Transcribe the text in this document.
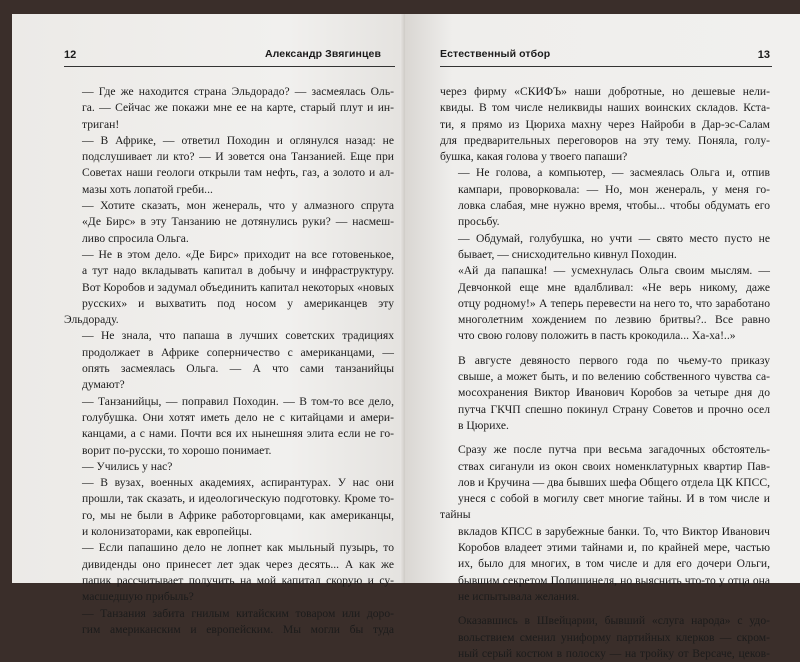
12	Александр Звягинцев

— Где же находится страна Эльдорадо? — засмеялась Оль-
га. — Сейчас же покажи мне ее на карте, старый плут и ин-
триган!

— В Африке, — ответил Походин и оглянулся назад: не
подслушивает ли кто? — И зовется она Танзанией. Еще при
Советах наши геологи открыли там нефть, газ, а золото и ал-
мазы хоть лопатой греби...

— Хотите сказать, мон женераль, что у алмазного спрута
«Де Бирс» в эту Танзанию не дотянулись руки? — насмеш-
ливо спросила Ольга.

— Не в этом дело. «Де Бирс» приходит на все готовенькое,
а тут надо вкладывать капитал в добычу и инфраструктуру.
Вот Коробов и задумал объединить капитал некоторых «новых
русских» и выхватить под носом у американцев эту Эльдораду.

— Не знала, что папаша в лучших советских традициях
продолжает в Африке соперничество с американцами, —
опять засмеялась Ольга. — А что сами танзанийцы
думают?

— Танзанийцы, — поправил Походин. — В том-то все дело,
голубушка. Они хотят иметь дело не с китайцами и амери-
канцами, а с нами. Почти вся их нынешняя элита если не го-
ворит по-русски, то хорошо понимает.

— Учились у нас?

— В вузах, военных академиях, аспирантурах. У нас они
прошли, так сказать, и идеологическую подготовку. Кроме то-
го, мы не были в Африке работорговцами, как американцы,
и колонизаторами, как европейцы.

— Если папашино дело не лопнет как мыльный пузырь, то
дивиденды оно принесет лет эдак через десять... А как же
папик рассчитывает получить на мой капитал скорую и су-
масшедшую прибыль?

— Танзания забита гнилым китайским товаром или доро-
гим американским и европейским. Мы могли бы туда

Естественный отбор	13

через фирму «СКИФЪ» наши добротные, но дешевые нели-
квиды. В том числе неликвиды наших воинских складов. Кста-
ти, я прямо из Цюриха махну через Найроби в Дар-эс-Салам
для предварительных переговоров на эту тему. Поняла, голу-
бушка, какая голова у твоего папаши?

— Не голова, а компьютер, — засмеялась Ольга и, отпив
кампари, проворковала: — Но, мон женераль, у меня го-
ловка слабая, мне нужно время, чтобы... чтобы обдумать его
просьбу.

— Обдумай, голубушка, но учти — свято место пусто не
бывает, — снисходительно кивнул Походин.

«Ай да папашка! — усмехнулась Ольга своим мыслям. —
Девчонкой еще мне вдалбливал: «Не верь никому, даже
отцу родному!» А теперь перевести на него то, что заработано
многолетним хождением по лезвию бритвы?.. Все равно
что свою голову положить в пасть крокодила... Ха-ха!..»

В августе девяносто первого года по чьему-то приказу
свыше, а может быть, и по велению собственного чувства са-
мосохранения Виктор Иванович Коробов за четыре дня до
путча ГКЧП спешно покинул Страну Советов и прочно осел
в Цюрихе.

Сразу же после путча при весьма загадочных обстоятель-
ствах сиганули из окон своих номенклатурных квартир Пав-
лов и Кручина — два бывших шефа Общего отдела ЦК КПСС,
унеся с собой в могилу свет многие тайны. И в том числе и тайны
вкладов КПСС в зарубежные банки. То, что Виктор Иванович
Коробов владеет этими тайнами и, по крайней мере, частью
их, было для многих, в том числе и для его дочери Ольги,
бывшим секретом Полишинеля, но выяснить что-то у отца она
не испытывала желания.

Оказавшись в Швейцарии, бывший «слуга народа» с удо-
вольствием сменил униформу партийных клерков — скром-
ный серый костюм в полоску — на тройку от Версаче, цеков-
